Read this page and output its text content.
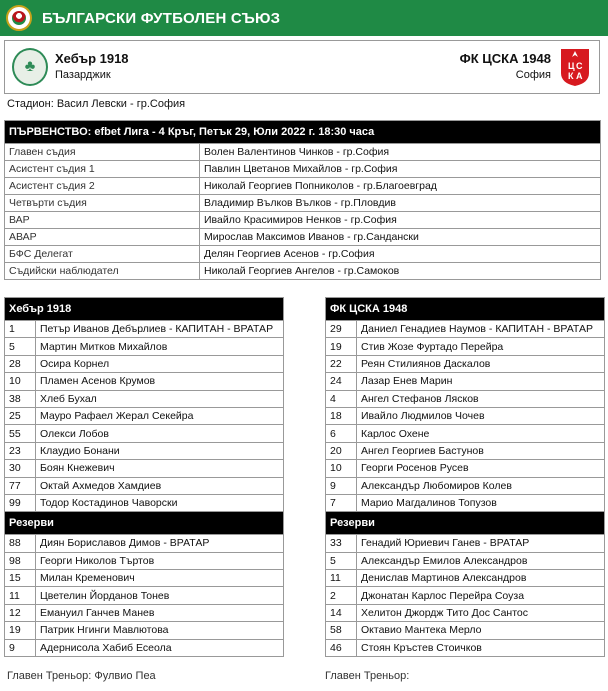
БЪЛГАРСКИ ФУТБОЛЕН СЪЮЗ
♣	Хебър 1918
Пазарджик
ФК ЦСКА 1948
София
Ц С
К А
Стадион: Васил Левски - гр.София
ПЪРВЕНСТВО: efbet Лига - 4 Кръг, Петък 29, Юли 2022 г. 18:30 часа	
Главен съдия	Волен Валентинов Чинков - гр.София
Асистент съдия 1	Павлин Цветанов Михайлов - гр.София
Асистент съдия 2	Николай Георгиев Попниколов - гр.Благоевград
Четвърти съдия	Владимир Вълков Вълков - гр.Пловдив
ВАР	Ивайло Красимиров Ненков - гр.София
АВАР	Мирослав Максимов Иванов - гр.Сандански
БФС Делегат	Делян Георгиев Асенов - гр.София
Съдийски наблюдател	Николай Георгиев Ангелов - гр.Самоков
Хебър 1918	
1	Петър Иванов Дебърлиев - КАПИТАН - ВРАТАР
5	Мартин Митков Михайлов
28	Осира Корнел
10	Пламен Асенов Крумов
38	Хлеб Бухал
25	Мауро Рафаел Жерал Секейра
55	Олекси Лобов
23	Клаудио Бонани
30	Боян Кнежевич
77	Октай Ахмедов Хамдиев
99	Тодор Костадинов Чаворски
Резерви	
88	Диян Бориславов Димов - ВРАТАР
98	Георги Николов Търтов
15	Милан Кременович
11	Цветелин Йорданов Тонев
12	Емануил Ганчев Манев
19	Патрик Нгинги Мавлютова
9	Адернисола Хабиб Есеола
ФК ЦСКА 1948	
29	Даниел Генадиев Наумов - КАПИТАН - ВРАТАР
19	Стив Жозе Фуртадо Перейра
22	Реян Стилиянов Даскалов
24	Лазар Енев Марин
4	Ангел Стефанов Лясков
18	Ивайло Людмилов Чочев
6	Карлос Охене
20	Ангел Георгиев Бастунов
10	Георги Росенов Русев
9	Александър Любомиров Колев
7	Марио Магдалинов Топузов
Резерви	
33	Генадий Юриевич Ганев - ВРАТАР
5	Александър Емилов Александров
11	Денислав Мартинов Александров
2	Джонатан Карлос Перейра Соуза
14	Хелитон Джордж Тито Дос Сантос
58	Октавио Мантека Мерло
46	Стоян Кръстев Стоичков
Главен Треньор: Фулвио Пеа	Главен Треньор:
